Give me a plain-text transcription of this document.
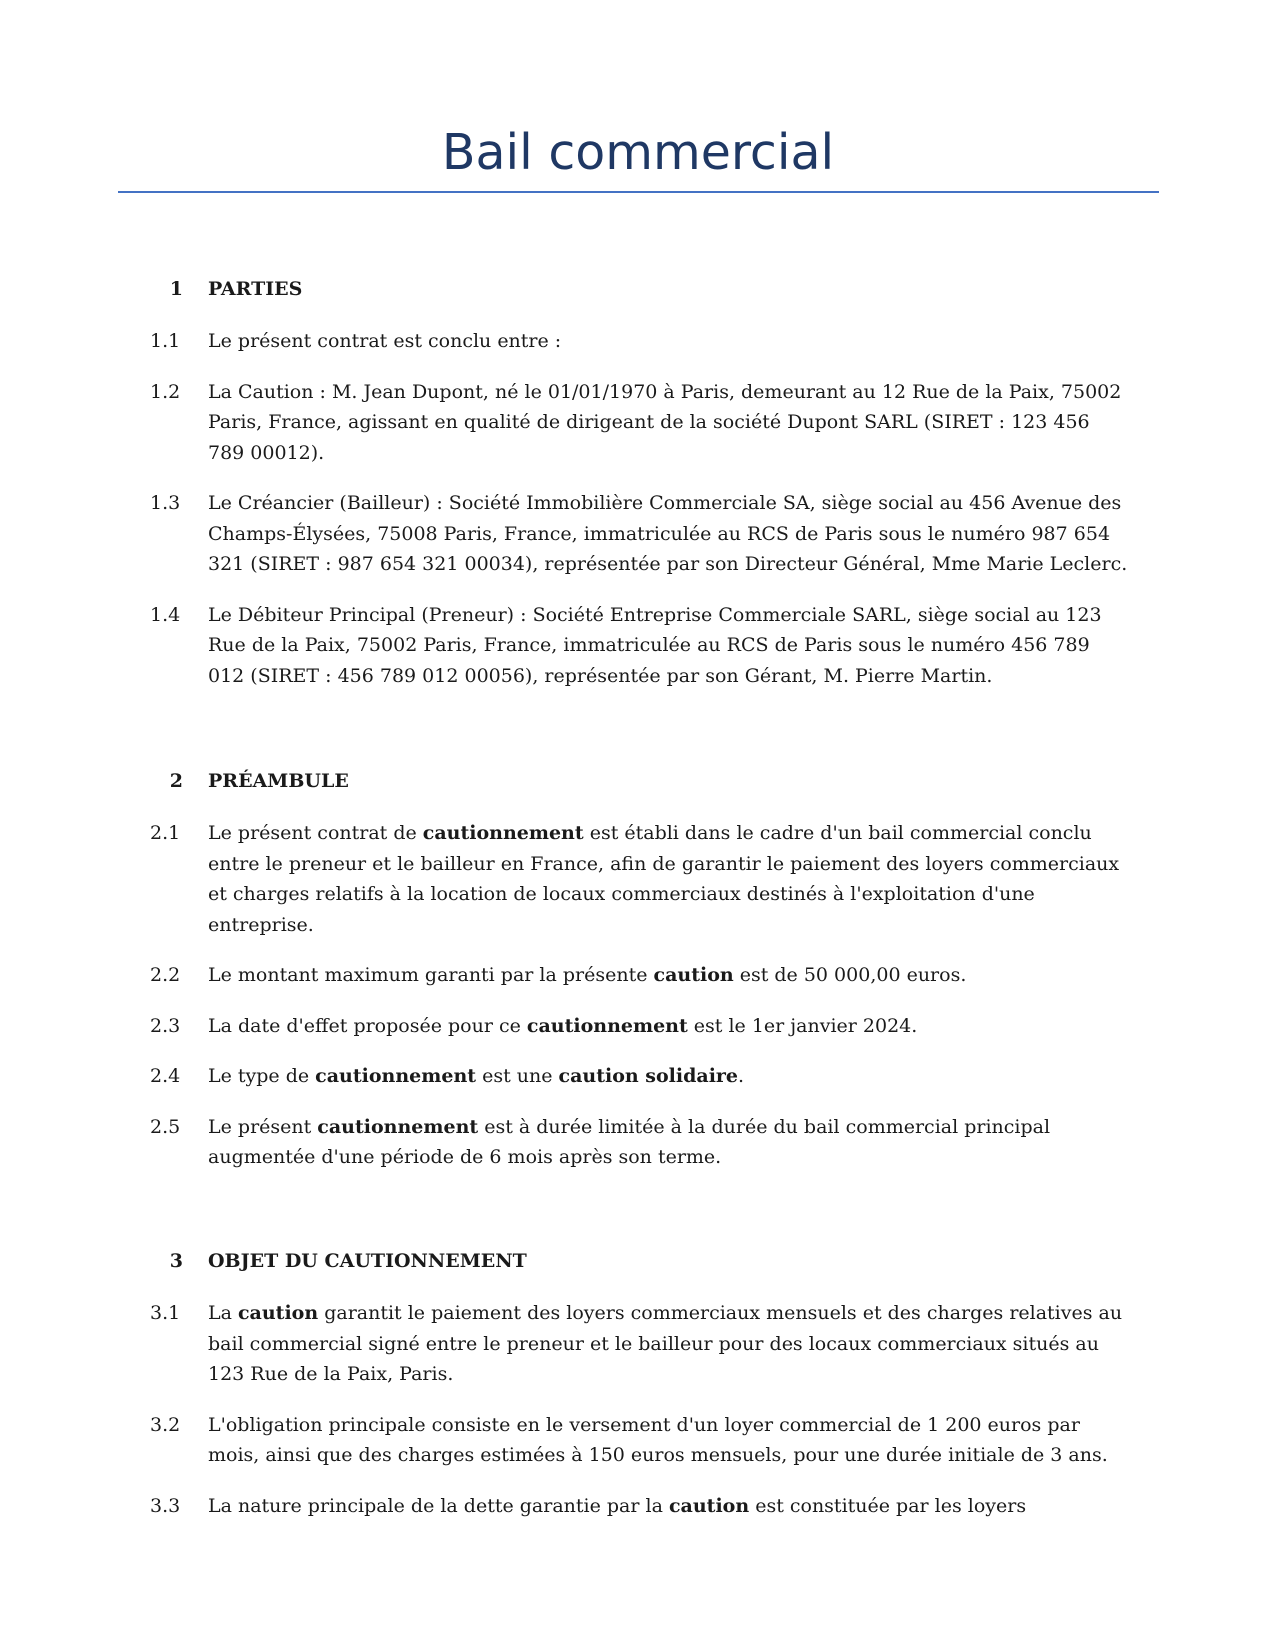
Bail commercial
1 PARTIES
1.1 Le présent contrat est conclu entre :
1.2 La Caution : M. Jean Dupont, né le 01/01/1970 à Paris, demeurant au 12 Rue de la Paix, 75002 Paris, France, agissant en qualité de dirigeant de la société Dupont SARL (SIRET : 123 456 789 00012).
1.3 Le Créancier (Bailleur) : Société Immobilière Commerciale SA, siège social au 456 Avenue des Champs-Élysées, 75008 Paris, France, immatriculée au RCS de Paris sous le numéro 987 654 321 (SIRET : 987 654 321 00034), représentée par son Directeur Général, Mme Marie Leclerc.
1.4 Le Débiteur Principal (Preneur) : Société Entreprise Commerciale SARL, siège social au 123 Rue de la Paix, 75002 Paris, France, immatriculée au RCS de Paris sous le numéro 456 789 012 (SIRET : 456 789 012 00056), représentée par son Gérant, M. Pierre Martin.
2 PRÉAMBULE
2.1 Le présent contrat de cautionnement est établi dans le cadre d'un bail commercial conclu entre le preneur et le bailleur en France, afin de garantir le paiement des loyers commerciaux et charges relatifs à la location de locaux commerciaux destinés à l'exploitation d'une entreprise.
2.2 Le montant maximum garanti par la présente caution est de 50 000,00 euros.
2.3 La date d'effet proposée pour ce cautionnement est le 1er janvier 2024.
2.4 Le type de cautionnement est une caution solidaire.
2.5 Le présent cautionnement est à durée limitée à la durée du bail commercial principal augmentée d'une période de 6 mois après son terme.
3 OBJET DU CAUTIONNEMENT
3.1 La caution garantit le paiement des loyers commerciaux mensuels et des charges relatives au bail commercial signé entre le preneur et le bailleur pour des locaux commerciaux situés au 123 Rue de la Paix, Paris.
3.2 L'obligation principale consiste en le versement d'un loyer commercial de 1 200 euros par mois, ainsi que des charges estimées à 150 euros mensuels, pour une durée initiale de 3 ans.
3.3 La nature principale de la dette garantie par la caution est constituée par les loyers
